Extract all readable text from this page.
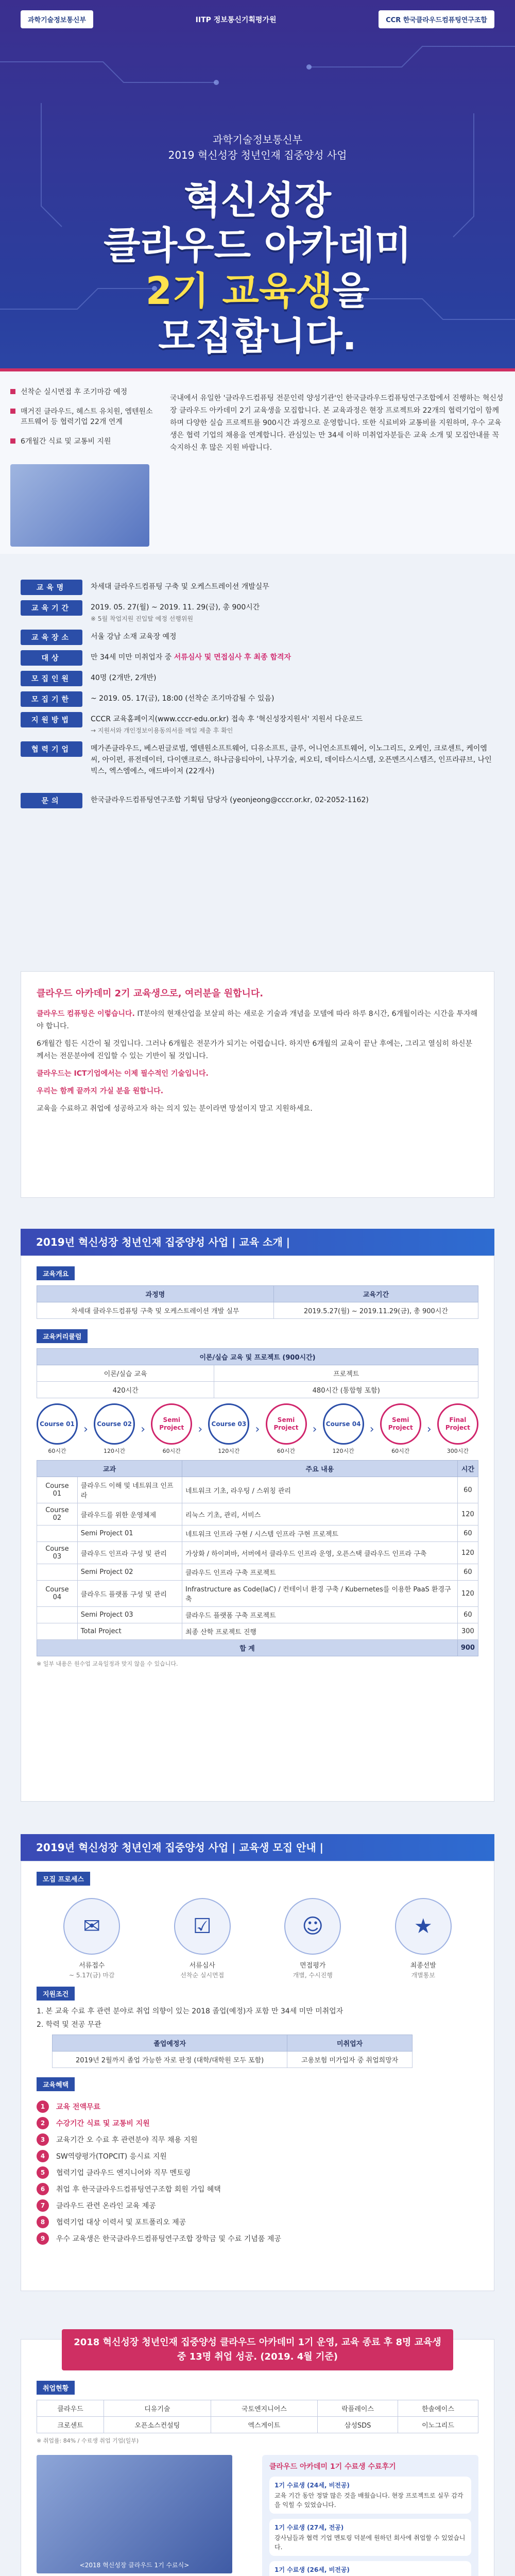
과학기술정보통신부	IITP 정보통신기획평가원	CCR 한국클라우드컴퓨팅연구조합
과학기술정보통신부
2019 혁신성장 청년인재 집중양성 사업
혁신성장
클라우드 아카데미
2기 교육생을
모집합니다.
선착순 실시면접 후 조기마감 예정
매거진 클라우드, 헤스트 유치원, 엠텐원소프트웨어 등 협력기업 22개 연계
6개월간 식료 및 교통비 지원
국내에서 유일한 '클라우드컴퓨팅 전문인력 양성기관'인 한국클라우드컴퓨팅연구조합에서 진행하는 혁신성장 클라우드 아카데미 2기 교육생을 모집합니다. 본 교육과정은 현장 프로젝트와 22개의 협력기업이 함께하며 다양한 실습 프로젝트를 900시간 과정으로 운영합니다. 또한 식료비와 교통비를 지원하며, 우수 교육생은 협력 기업의 채용을 연계합니다. 관심있는 만 34세 이하 미취업자분들은 교육 소개 및 모집안내를 꼭 숙지하신 후 많은 지원 바랍니다.
교육명	차세대 클라우드컴퓨팅 구축 및 오케스트레이션 개발실무
교육기간	2019. 05. 27(월) ~ 2019. 11. 29(금), 총 900시간
※ 5월 착업지원 진입탈 예정 선행위원
교육장소	서울 강남 소재 교육장 예정
대상	만 34세 미만 미취업자 중 서류심사 및 면접심사 후 최종 합격자
모집인원	40명 (2개반, 2개반)
모집기한	~ 2019. 05. 17(금), 18:00 (선착순 조기마감될 수 있음)
지원방법	CCCR 교육홈페이지(www.cccr-edu.or.kr) 접속 후 '혁신성장지원서' 지원서 다운로드
→ 지원서와 개인정보이용동의서를 메일 제출 후 확인
협력기업	메가존클라우드, 베스핀글로벌, 엠텐원소프트웨어, 디유소프트, 클루, 어니언소프트웨어, 이노그리드, 오케인, 크로센트, 케이엠씨, 아이펀, 퓨전데이터, 다이앤크로스, 하나금융티아이, 나무기술, 씨오티, 데이타스시스템, 오픈멘즈시스템즈, 인프라큐브, 나인빅스, 엑스엠에스, 애드바이저 (22개사)
문의	한국클라우드컴퓨팅연구조합 기획팀 담당자 (yeonjeong@cccr.or.kr, 02-2052-1162)
클라우드 아카데미 2기 교육생으로, 여러분을 원합니다.

클라우드 컴퓨팅은 이렇습니다. IT분야의 현재산업을 보살피 하는 새로운 기술과 개념을 모델에 따라 하루 8시간, 6개월이라는 시간을 투자해야 합니다.

6개월간 힘든 시간이 될 것입니다. 그러나 6개월은 전문가가 되기는 어렵습니다. 하지만 6개월의 교육이 끝난 후에는, 그리고 열심히 하신분께서는 전문분야에 진입할 수 있는 기반이 될 것입니다.

클라우드는 ICT기업에서는 이제 필수적인 기술입니다.

우리는 함께 끝까지 가실 분을 원합니다.

교육을 수료하고 취업에 성공하고자 하는 의지 있는 분이라면 망설이지 말고 지원하세요.

2019년 혁신성장 청년인재 집중양성 사업 | 교육 소개 |
교육개요
과정명	교육기간
차세대 클라우드컴퓨팅 구축 및 오케스트레이션 개발 실무	2019.5.27(월) ~ 2019.11.29(금), 총 900시간
교육커리큘럼
이론/실습 교육 및 프로젝트 (900시간)	
이론/실습 교육	프로젝트
420시간	480시간 (통합형 포함)
Course 01
60시간
›	Course 02
120시간
›
Semi Project
60시간
›	Course 03
120시간
›
Semi Project
60시간
›	Course 04
120시간
›
Semi Project
60시간
›
Final Project
300시간
교과		주요 내용	시간
Course 01	클라우드 이해 및 네트워크 인프라	네트워크 기초, 라우팅 / 스위칭 관리	60
Course 02	클라우드를 위한 운영체제	리눅스 기초, 관리, 서비스	120
	Semi Project 01	네트워크 인프라 구현 / 시스템 인프라 구현 프로젝트	60
Course 03	클라우드 인프라 구성 및 관리	가상화 / 하이퍼바, 서버에서 클라우드 인프라 운영, 오픈스택 클라우드 인프라 구축	120
	Semi Project 02	클라우드 인프라 구축 프로젝트	60
Course 04	클라우드 플랫폼 구성 및 관리	Infrastructure as Code(IaC) / 컨테이너 환경 구축 / Kubernetes를 이용한 PaaS 환경구축	120
	Semi Project 03	클라우드 플랫폼 구축 프로젝트	60
	Total Project	최종 산학 프로젝트 진행	300
합 계			900
※ 일부 내용은 원수업 교육일정과 맞지 않을 수 있습니다.
2019년 혁신성장 청년인재 집중양성 사업 | 교육생 모집 안내 |
모집 프로세스
✉
서류접수
~ 5.17(금) 마감
☑
서류심사
선착순 실시면접
☺
면접평가
개별, 수시진행
★
최종선발
개별통보
지원조건
1. 본 교육 수료 후 관련 분야로 취업 의향이 있는 2018 졸업(예정)자 포함 만 34세 미만 미취업자
2. 학력 및 전공 무관
졸업예정자	미취업자
2019년 2월까지 졸업 가능한 자로 판정 (대학/대학원 모두 포함)	고용보험 미가입자 중 취업희망자
교육혜택
1	교육 전액무료
2	수강기간 식료 및 교통비 지원
3	교육기간 오 수료 후 관련분야 직무 채용 지원
4	SW역량평가(TOPCIT) 응시료 지원
5	협력기업 클라우드 엔지니어와 직무 멘토링
6	취업 후 한국클라우드컴퓨팅연구조합 회원 가입 혜택
7	클라우드 관련 온라인 교육 제공
8	협력기업 대상 이력서 및 포트폴리오 제공
9	우수 교육생은 한국클라우드컴퓨팅연구조합 장학금 및 수료 기념품 제공
2018 혁신성장 청년인재 집중양성 클라우드 아카데미 1기 운영, 교육 종료 후 8명 교육생 중 13명 취업 성공. (2019. 4월 기준)
취업현황
클라우드	디유기술	국토엔지니어스	락플레이스	한솔에이스
크로센트	오픈소스컨설팅	엑스게이트	삼성SDS	이노그리드
※ 취업률: 84% / 수료생 취업 기업(일부)
<2018 혁신성장 클라우드 1기 수료식>
클라우드 아카데미 1기 수료생 수료후기
1기 수료생 (24세, 비전공)
교육 기간 동안 정말 많은 것을 배웠습니다. 현장 프로젝트로 실무 감각을 익힐 수 있었습니다.
1기 수료생 (27세, 전공)
강사님들과 협력 기업 멘토링 덕분에 원하던 회사에 취업할 수 있었습니다.
1기 수료생 (26세, 비전공)
